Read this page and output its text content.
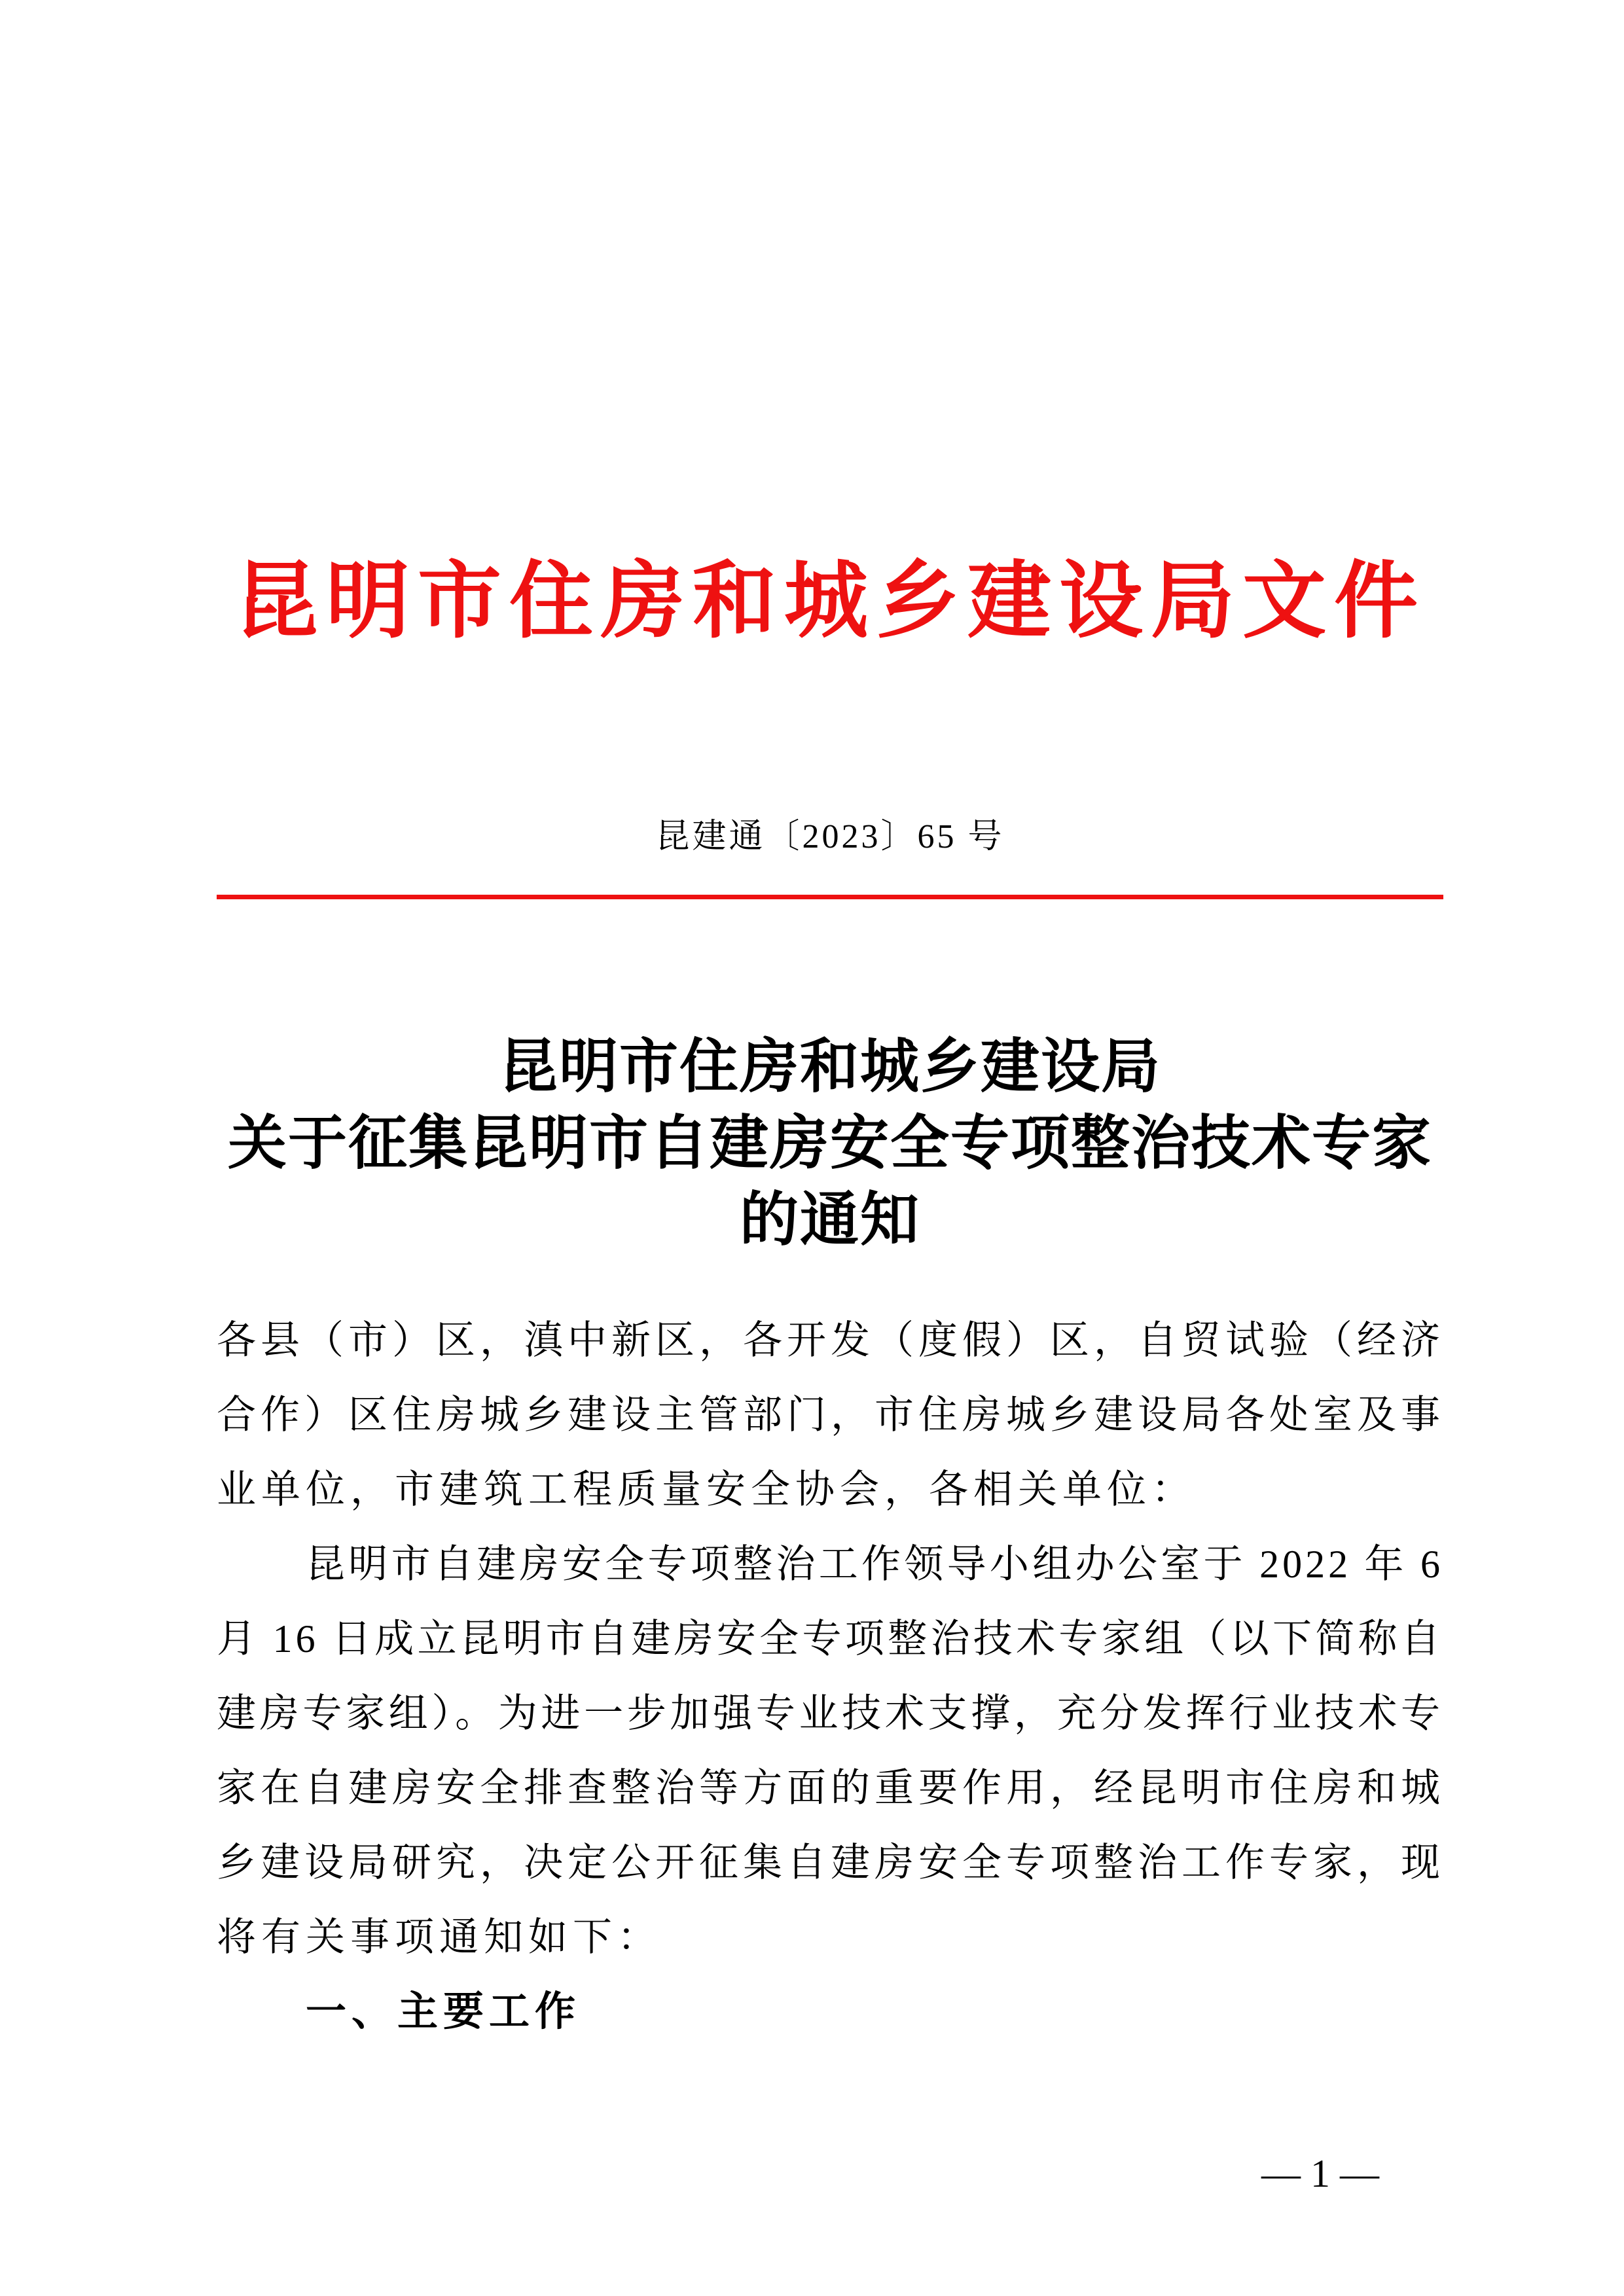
昆明市住房和城乡建设局文件
昆建通〔2023〕65 号
昆明市住房和城乡建设局
关于征集昆明市自建房安全专项整治技术专家
的通知
各县（市）区，滇中新区，各开发（度假）区，自贸试验（经济
合作）区住房城乡建设主管部门，市住房城乡建设局各处室及事
业单位，市建筑工程质量安全协会，各相关单位：
昆明市自建房安全专项整治工作领导小组办公室于 2022 年 6
月 16 日成立昆明市自建房安全专项整治技术专家组（以下简称自
建房专家组）。为进一步加强专业技术支撑，充分发挥行业技术专
家在自建房安全排查整治等方面的重要作用，经昆明市住房和城
乡建设局研究，决定公开征集自建房安全专项整治工作专家，现
将有关事项通知如下：
一、主要工作
— 1 —
